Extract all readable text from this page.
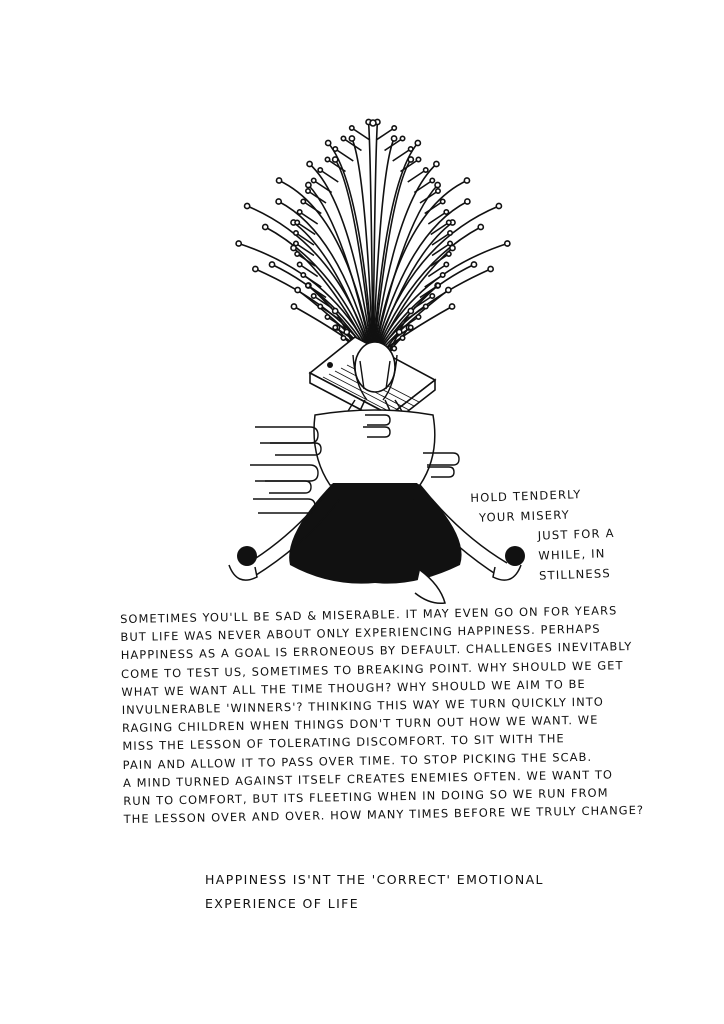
HOLD TENDERLY
YOUR MISERY
JUST FOR A
WHILE, IN
STILLNESS
SOMETIMES YOU'LL BE SAD & MISERABLE. IT MAY EVEN GO ON FOR YEARS
BUT LIFE WAS NEVER ABOUT ONLY EXPERIENCING HAPPINESS. PERHAPS
HAPPINESS AS A GOAL IS ERRONEOUS BY DEFAULT. CHALLENGES INEVITABLY
COME TO TEST US, SOMETIMES TO BREAKING POINT. WHY SHOULD WE GET
WHAT WE WANT ALL THE TIME THOUGH? WHY SHOULD WE AIM TO BE
INVULNERABLE 'WINNERS'? THINKING THIS WAY WE TURN QUICKLY INTO
RAGING CHILDREN WHEN THINGS DON'T TURN OUT HOW WE WANT. WE
MISS THE LESSON OF TOLERATING DISCOMFORT. TO SIT WITH THE
PAIN AND ALLOW IT TO PASS OVER TIME. TO STOP PICKING THE SCAB.
A MIND TURNED AGAINST ITSELF CREATES ENEMIES OFTEN. WE WANT TO
RUN TO COMFORT, BUT ITS FLEETING WHEN IN DOING SO WE RUN FROM
THE LESSON OVER AND OVER. HOW MANY TIMES BEFORE WE TRULY CHANGE?
HAPPINESS IS'NT THE 'CORRECT' EMOTIONAL
EXPERIENCE OF LIFE
